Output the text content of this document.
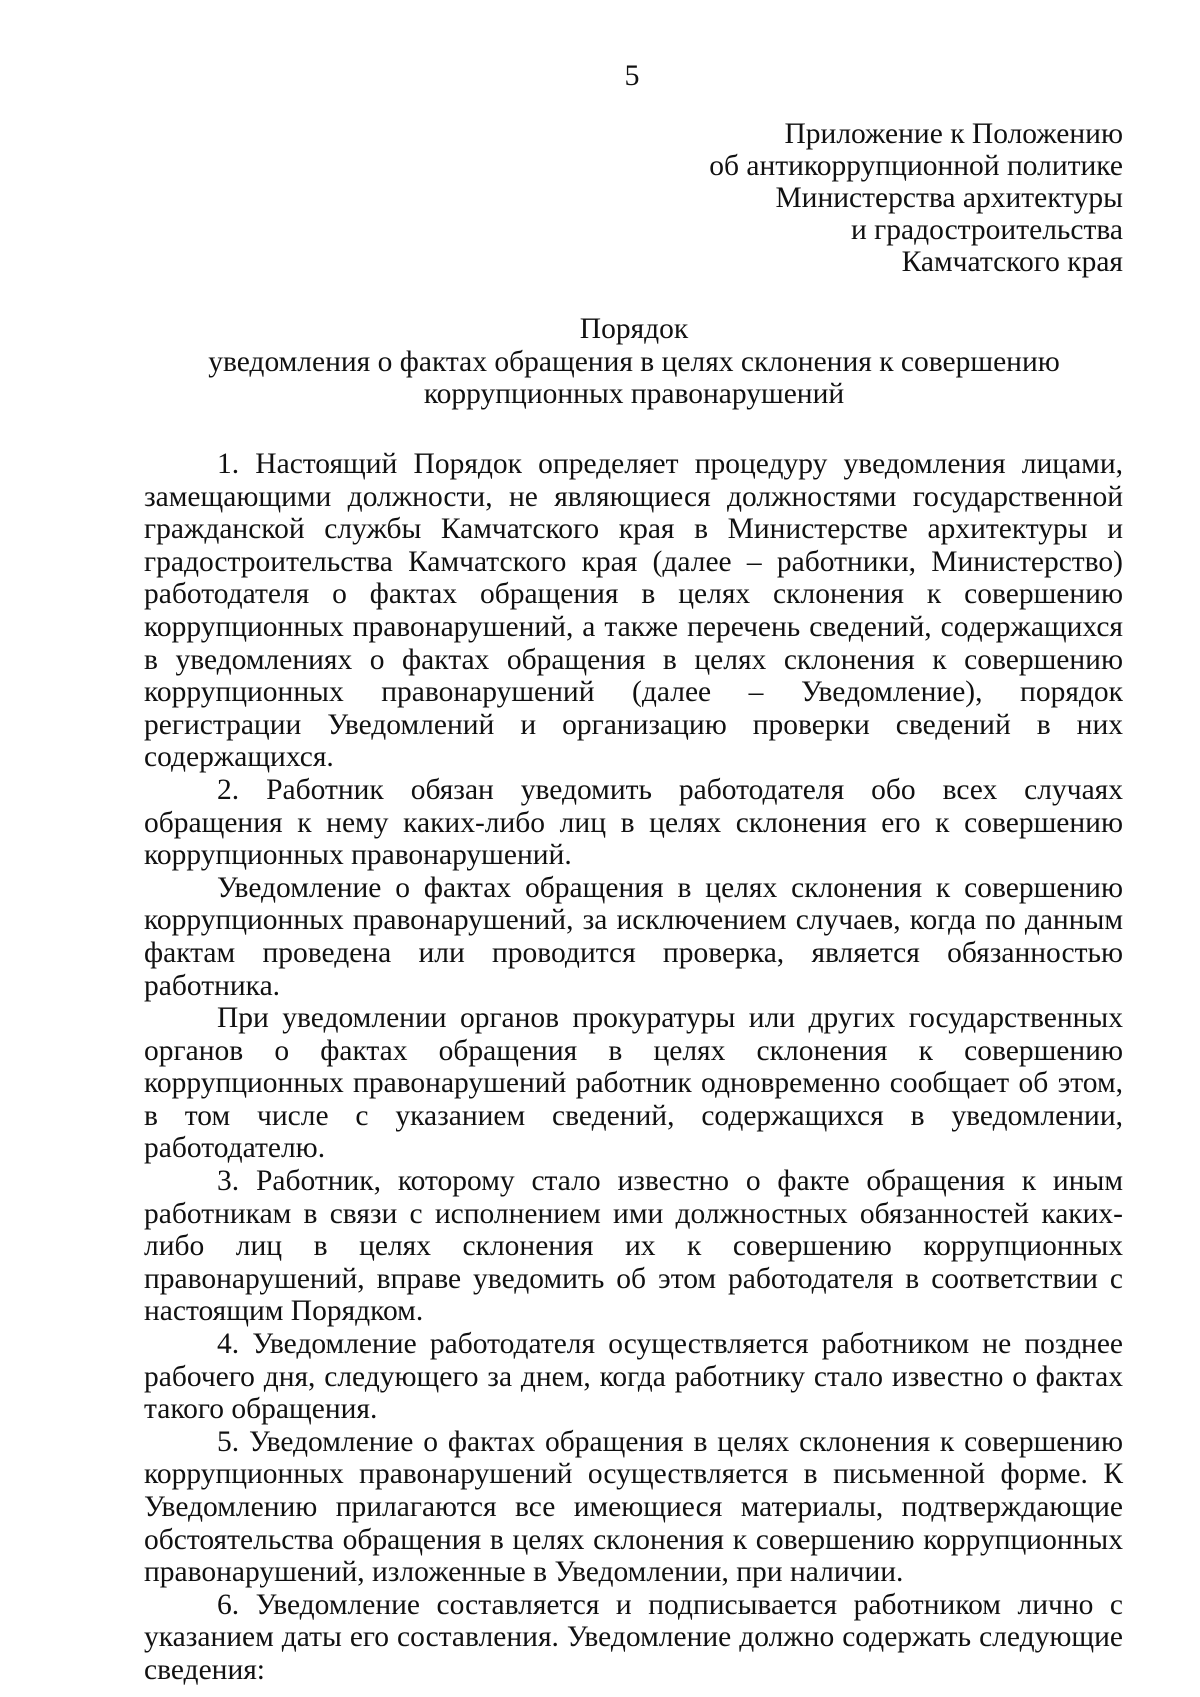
5
Приложение к Положению
об антикоррупционной политике
Министерства архитектуры
и градостроительства
Камчатского края
Порядок
уведомления о фактах обращения в целях склонения к совершению
коррупционных правонарушений

1. Настоящий Порядок определяет процедуру уведомления лицами, замещающими должности, не являющиеся должностями государственной гражданской службы Камчатского края в Министерстве архитектуры и градостроительства Камчатского края (далее – работники, Министерство) работодателя о фактах обращения в целях склонения к совершению коррупционных правонарушений, а также перечень сведений, содержащихся в уведомлениях о фактах обращения в целях склонения к совершению коррупционных правонарушений (далее – Уведомление), порядок регистрации Уведомлений и организацию проверки сведений в них содержащихся.

2. Работник обязан уведомить работодателя обо всех случаях обращения к нему каких-либо лиц в целях склонения его к совершению коррупционных правонарушений.

Уведомление о фактах обращения в целях склонения к совершению коррупционных правонарушений, за исключением случаев, когда по данным фактам проведена или проводится проверка, является обязанностью работника.

При уведомлении органов прокуратуры или других государственных органов о фактах обращения в целях склонения к совершению коррупционных правонарушений работник одновременно сообщает об этом, в том числе с указанием сведений, содержащихся в уведомлении, работодателю.

3. Работник, которому стало известно о факте обращения к иным работникам в связи с исполнением ими должностных обязанностей каких-либо лиц в целях склонения их к совершению коррупционных правонарушений, вправе уведомить об этом работодателя в соответствии с настоящим Порядком.

4. Уведомление работодателя осуществляется работником не позднее рабочего дня, следующего за днем, когда работнику стало известно о фактах такого обращения.

5. Уведомление о фактах обращения в целях склонения к совершению коррупционных правонарушений осуществляется в письменной форме. К Уведомлению прилагаются все имеющиеся материалы, подтверждающие обстоятельства обращения в целях склонения к совершению коррупционных правонарушений, изложенные в Уведомлении, при наличии.

6. Уведомление составляется и подписывается работником лично с указанием даты его составления. Уведомление должно содержать следующие сведения:
